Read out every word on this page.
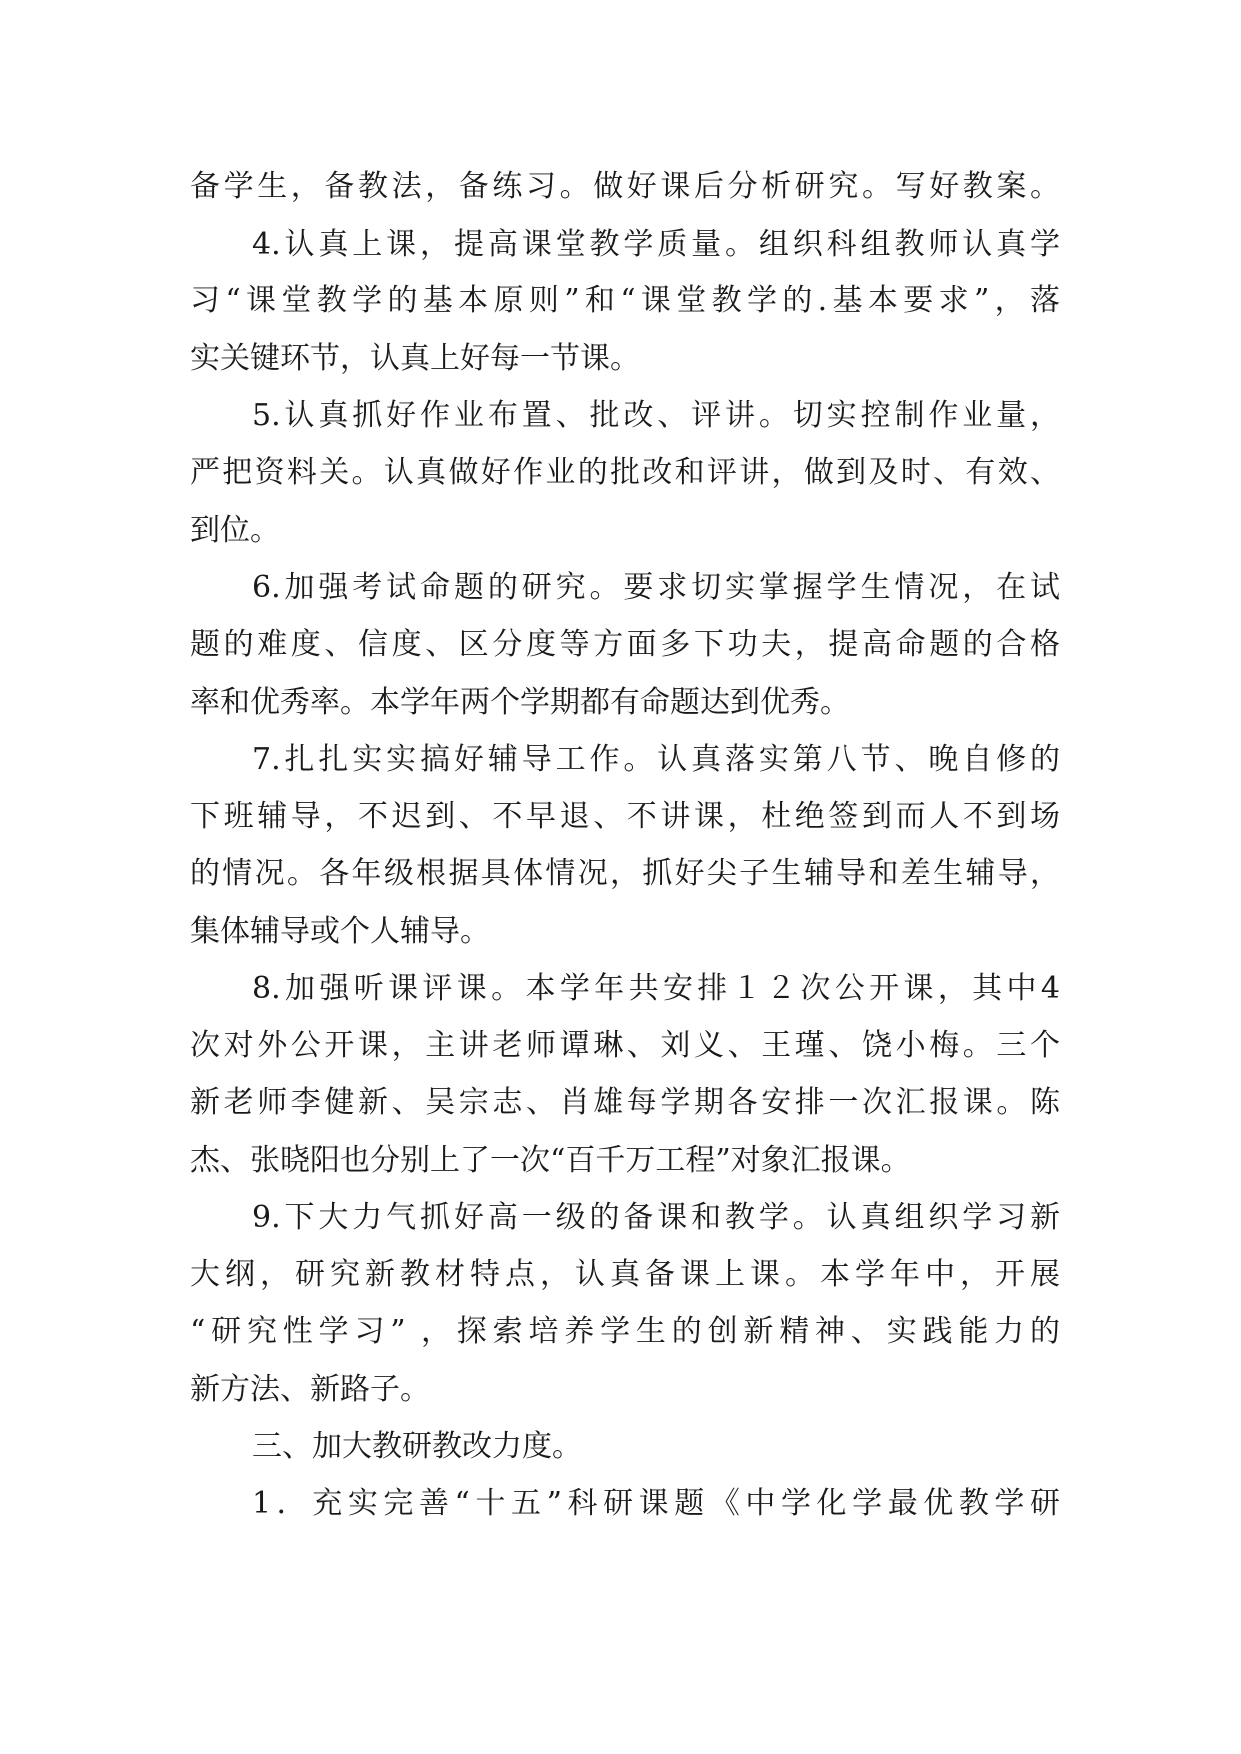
备学生，备教法，备练习。做好课后分析研究。写好教案。
4.认真上课，提高课堂教学质量。组织科组教师认真学
习“课堂教学的基本原则”和“课堂教学的.基本要求”，落
实关键环节，认真上好每一节课。
5.认真抓好作业布置、批改、评讲。切实控制作业量，
严把资料关。认真做好作业的批改和评讲，做到及时、有效、
到位。
6.加强考试命题的研究。要求切实掌握学生情况，在试
题的难度、信度、区分度等方面多下功夫，提高命题的合格
率和优秀率。本学年两个学期都有命题达到优秀。
7.扎扎实实搞好辅导工作。认真落实第八节、晚自修的
下班辅导，不迟到、不早退、不讲课，杜绝签到而人不到场
的情况。各年级根据具体情况，抓好尖子生辅导和差生辅导，
集体辅导或个人辅导。
8.加强听课评课。本学年共安排１２次公开课，其中4
次对外公开课，主讲老师谭琳、刘义、王瑾、饶小梅。三个
新老师李健新、吴宗志、肖雄每学期各安排一次汇报课。陈
杰、张晓阳也分别上了一次“百千万工程”对象汇报课。
9.下大力气抓好高一级的备课和教学。认真组织学习新
大纲，研究新教材特点，认真备课上课。本学年中，开展
“研究性学习” ，探索培养学生的创新精神、实践能力的
新方法、新路子。
三、加大教研教改力度。
1．充实完善“十五”科研课题《中学化学最优教学研
